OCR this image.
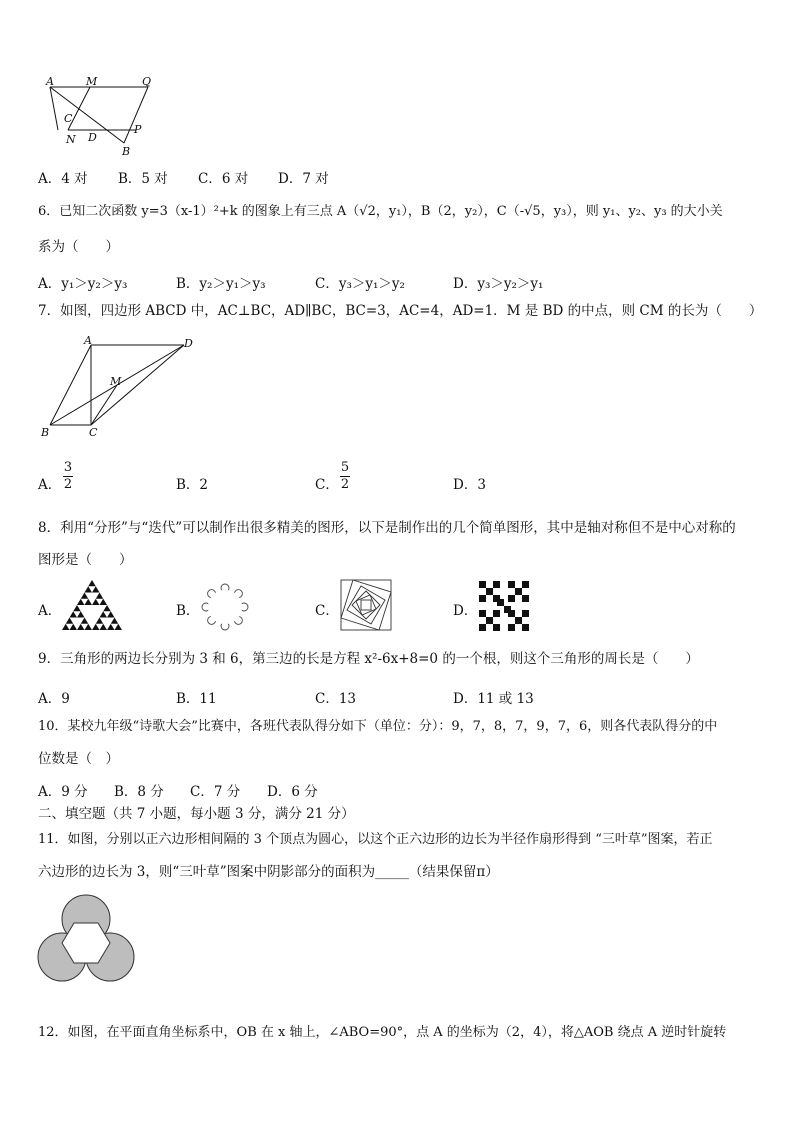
A	M	Q
C
N D
P
B
A．4 对 B．5 对 C．6 对 D．7 对
6．已知二次函数 y=3（x-1）²+k 的图象上有三点 A（√2，y₁），B（2，y₂），C（-√5，y₃），则 y₁、y₂、y₃ 的大小关
系为（　　）
A．y₁＞y₂＞y₃	B．y₂＞y₁＞y₃	C．y₃＞y₁＞y₂	D．y₃＞y₂＞y₁
7．如图，四边形 ABCD 中，AC⊥BC，AD∥BC，BC=3，AC=4，AD=1．M 是 BD 的中点，则 CM 的长为（　　）
A	D
M
B	C
A．
3
2	B．2	C．
5
2	D．3
8．利用“分形”与“迭代”可以制作出很多精美的图形，以下是制作出的几个简单图形，其中是轴对称但不是中心对称的
图形是（　　）
A．	B．	C．	D．
9．三角形的两边长分别为 3 和 6，第三边的长是方程 x²-6x+8=0 的一个根，则这个三角形的周长是（　　）
A．9	B．11	C．13	D．11 或 13
10．某校九年级“诗歌大会”比赛中，各班代表队得分如下（单位：分）：9，7，8，7，9，7，6，则各代表队得分的中
位数是（　）
A．9 分 B．8 分 C．7 分 D．6 分
二、填空题（共 7 小题，每小题 3 分，满分 21 分）
11．如图，分别以正六边形相间隔的 3 个顶点为圆心，以这个正六边形的边长为半径作扇形得到 “三叶草”图案，若正
六边形的边长为 3，则“三叶草”图案中阴影部分的面积为_____（结果保留π）
12．如图，在平面直角坐标系中，OB 在 x 轴上，∠ABO=90°，点 A 的坐标为（2，4），将△AOB 绕点 A 逆时针旋转
